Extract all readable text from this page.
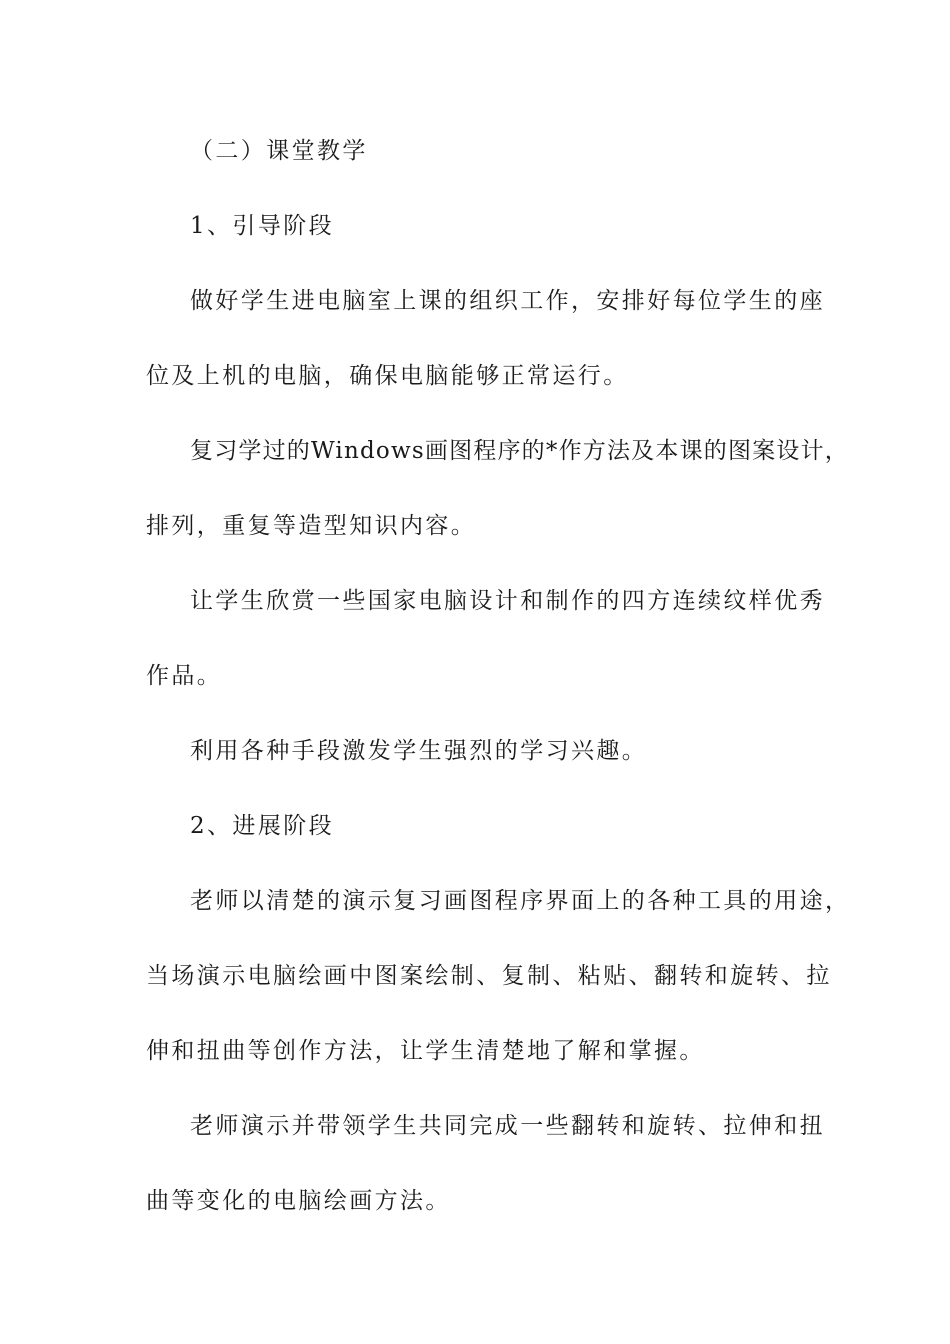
（二）课堂教学
1、引导阶段
做好学生进电脑室上课的组织工作，安排好每位学生的座
位及上机的电脑，确保电脑能够正常运行。
复习学过的Windows画图程序的*作方法及本课的图案设计，
排列，重复等造型知识内容。
让学生欣赏一些国家电脑设计和制作的四方连续纹样优秀
作品。
利用各种手段激发学生强烈的学习兴趣。
2、进展阶段
老师以清楚的演示复习画图程序界面上的各种工具的用途，
当场演示电脑绘画中图案绘制、复制、粘贴、翻转和旋转、拉
伸和扭曲等创作方法，让学生清楚地了解和掌握。
老师演示并带领学生共同完成一些翻转和旋转、拉伸和扭
曲等变化的电脑绘画方法。
